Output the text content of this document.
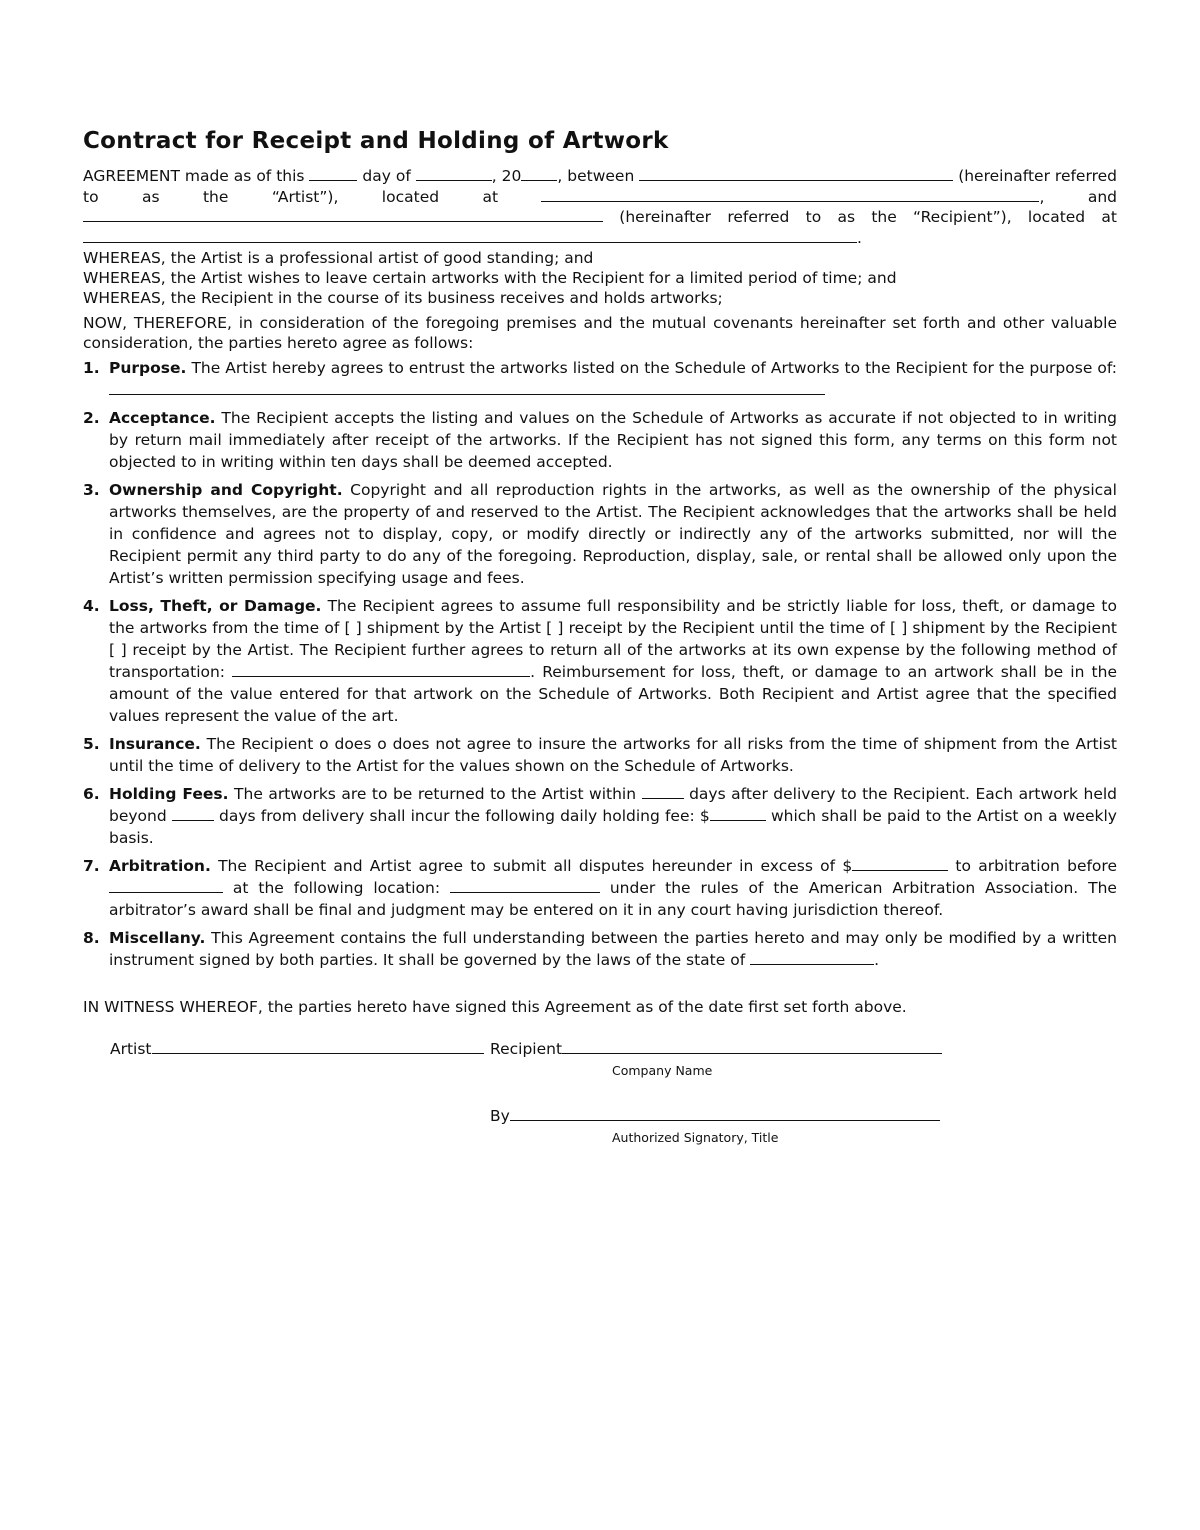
Contract for Receipt and Holding of Artwork

AGREEMENT made as of this	day of	, 20 , between	(hereinafter referred to as the “Artist”), located at	, and  (hereinafter referred to as the “Recipient”), located at.

WHEREAS, the Artist is a professional artist of good standing; and

WHEREAS, the Artist wishes to leave certain artworks with the Recipient for a limited period of time; and

WHEREAS, the Recipient in the course of its business receives and holds artworks;

NOW, THEREFORE, in consideration of the foregoing premises and the mutual covenants hereinafter set forth and other valuable consideration, the parties hereto agree as follows:

1. Purpose. The Artist hereby agrees to entrust the artworks listed on the Schedule of Artworks to the Recipient for the purpose of:
2. Acceptance. The Recipient accepts the listing and values on the Schedule of Artworks as accurate if not objected to in writing by return mail immediately after receipt of the artworks. If the Recipient has not signed this form, any terms on this form not objected to in writing within ten days shall be deemed accepted.
3. Ownership and Copyright. Copyright and all reproduction rights in the artworks, as well as the ownership of the physical artworks themselves, are the property of and reserved to the Artist. The Recipient acknowledges that the artworks shall be held in confidence and agrees not to display, copy, or modify directly or indirectly any of the artworks submitted, nor will the Recipient permit any third party to do any of the foregoing. Reproduction, display, sale, or rental shall be allowed only upon the Artist’s written permission specifying usage and fees.
4. Loss, Theft, or Damage. The Recipient agrees to assume full responsibility and be strictly liable for loss, theft, or damage to the artworks from the time of [ ] shipment by the Artist [ ] receipt by the Recipient until the time of [ ] shipment by the Recipient [ ] receipt by the Artist. The Recipient further agrees to return all of the artworks at its own expense by the following method of transportation:	. Reimbursement for loss, theft, or damage to an artwork shall be in the amount of the value entered for that artwork on the Schedule of Artworks. Both Recipient and Artist agree that the specified values represent the value of the art.
5. Insurance. The Recipient o does o does not agree to insure the artworks for all risks from the time of shipment from the Artist until the time of delivery to the Artist for the values shown on the Schedule of Artworks.
6. Holding Fees. The artworks are to be returned to the Artist within	days after delivery to the Recipient. Each artwork held beyond	days from delivery shall incur the following daily holding fee: $	which shall be paid to the Artist on a weekly basis.
7. Arbitration. The Recipient and Artist agree to submit all disputes hereunder in excess of $	to arbitration before  at the following location:	under the rules of the American Arbitration Association. The arbitrator’s award shall be final and judgment may be entered on it in any court having jurisdiction thereof.
8. Miscellany. This Agreement contains the full understanding between the parties hereto and may only be modified by a written instrument signed by both parties. It shall be governed by the laws of the state of	.

IN WITNESS WHEREOF, the parties hereto have signed this Agreement as of the date first set forth above.

Artist	Recipient
Company Name
By
Authorized Signatory, Title
